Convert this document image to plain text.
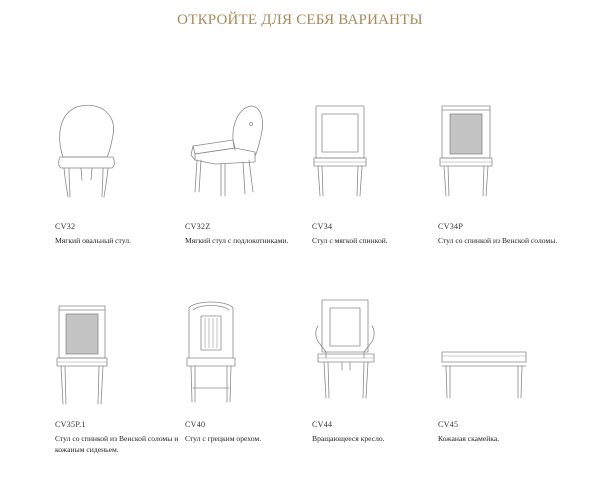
ОТКРОЙТЕ ДЛЯ СЕБЯ ВАРИАНТЫ
CV32
Мягкий овальный стул.
CV32Z
Мягкий стул с подлокотниками.
CV34
Стул с мягкой спинкой.
CV34P
Стул со спинкой из Венской соломы.
CV35P.1
Стул со спинкой из Венской соломы и кожаным сиденьем.
CV40
Стул с грецким орехом.
CV44
Вращающееся кресло.
CV45
Кожаная скамейка.
